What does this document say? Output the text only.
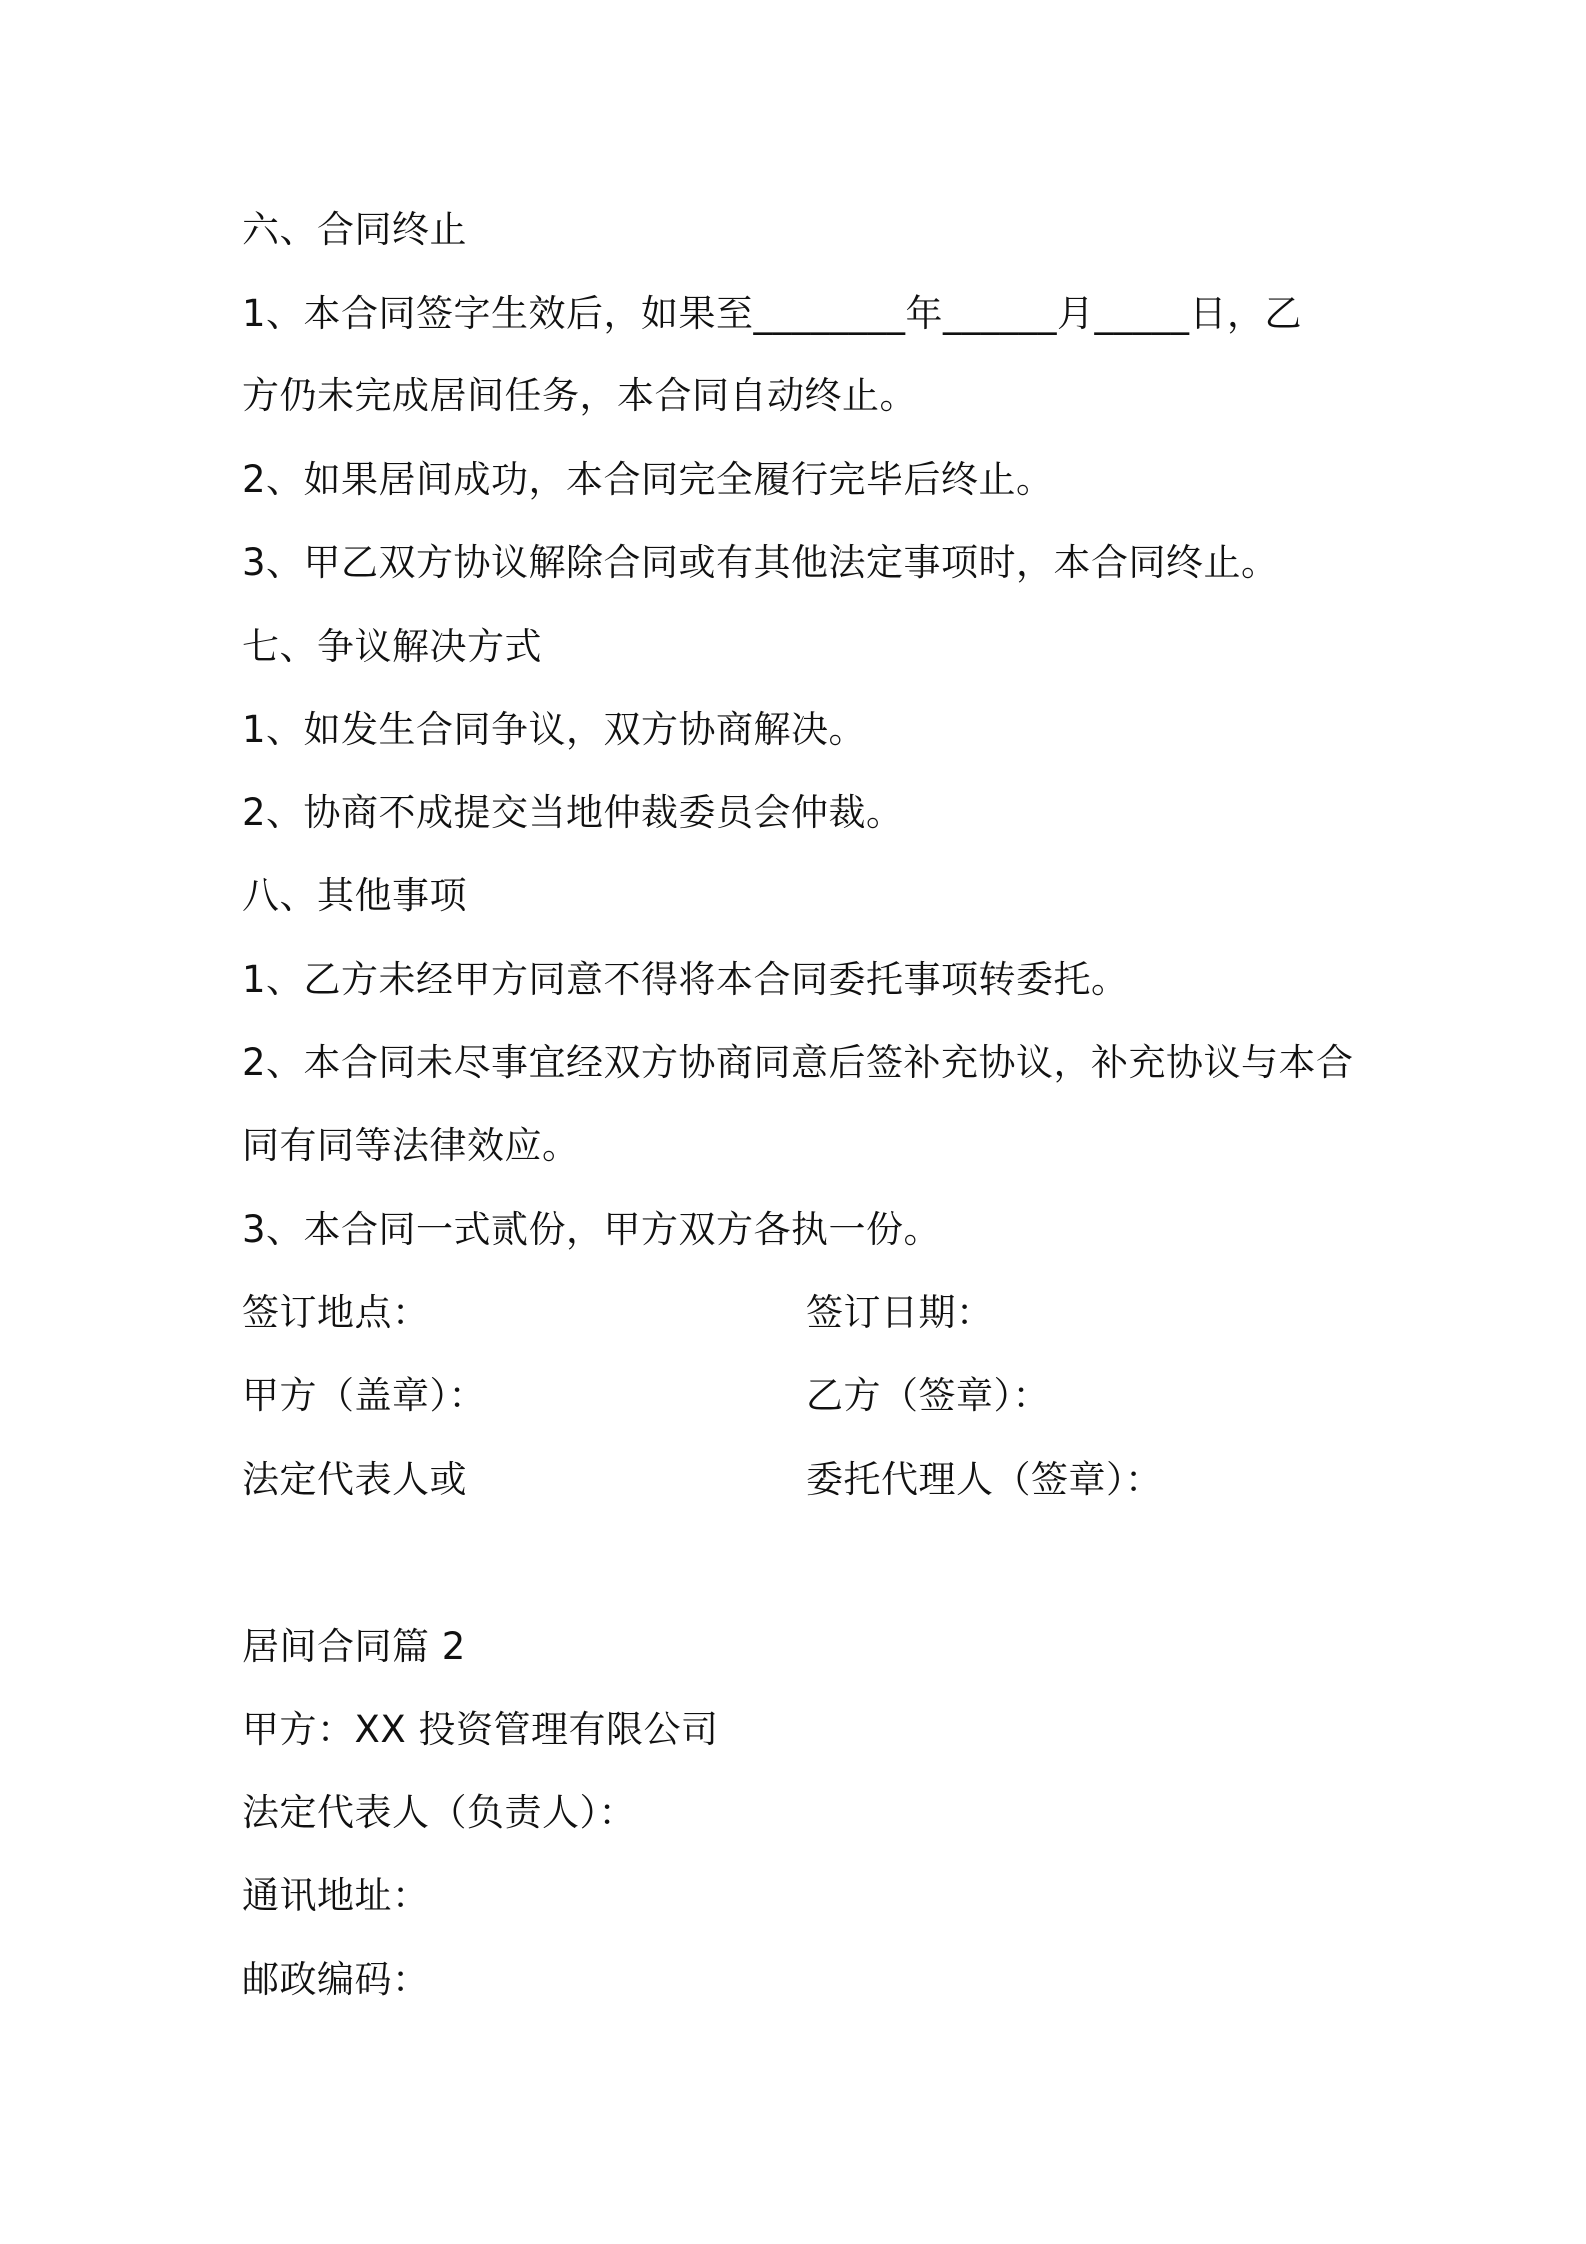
六、合同终止
1、本合同签字生效后，如果至________年______月_____日，乙
方仍未完成居间任务，本合同自动终止。
2、如果居间成功，本合同完全履行完毕后终止。
3、甲乙双方协议解除合同或有其他法定事项时，本合同终止。
七、争议解决方式
1、如发生合同争议，双方协商解决。
2、协商不成提交当地仲裁委员会仲裁。
八、其他事项
1、乙方未经甲方同意不得将本合同委托事项转委托。
2、本合同未尽事宜经双方协商同意后签补充协议，补充协议与本合
同有同等法律效应。
3、本合同一式贰份，甲方双方各执一份。
签订地点：	签订日期：
甲方（盖章）：	乙方（签章）：
法定代表人或	委托代理人（签章）：
居间合同篇 2
甲方：XX 投资管理有限公司
法定代表人（负责人）：
通讯地址：
邮政编码：
